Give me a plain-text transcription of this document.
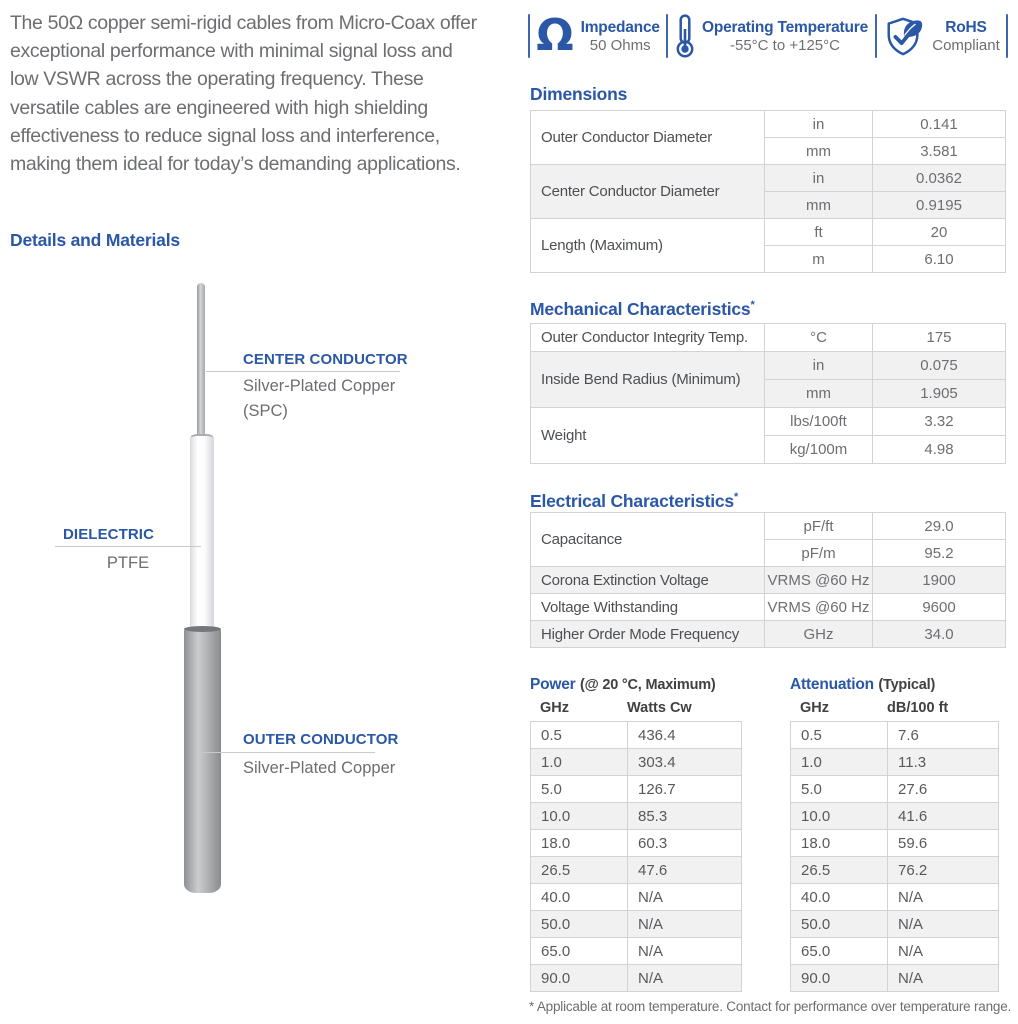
The 50Ω copper semi-rigid cables from Micro-Coax offer exceptional performance with minimal signal loss and low VSWR across the operating frequency. These versatile cables are engineered with high shielding effectiveness to reduce signal loss and interference, making them ideal for today’s demanding applications.

Details and Materials
CENTER CONDUCTOR
Silver-Plated Copper
(SPC)
DIELECTRIC
PTFE
OUTER CONDUCTOR
Silver-Plated Copper
Ω Impedance
50 Ohms
Operating Temperature
-55°C to +125°C
RoHS
Compliant
Dimensions
Outer Conductor Diameter	in	0.141
	mm	3.581
Center Conductor Diameter	in	0.0362
	mm	0.9195
Length (Maximum)	ft	20
	m	6.10
Mechanical Characteristics*
Outer Conductor Integrity Temp.	°C	175
Inside Bend Radius (Minimum)	in	0.075
	mm	1.905
Weight	lbs/100ft	3.32
	kg/100m	4.98
Electrical Characteristics*
Capacitance	pF/ft	29.0
	pF/m	95.2
Corona Extinction Voltage	VRMS @60 Hz	1900
Voltage Withstanding	VRMS @60 Hz	9600
Higher Order Mode Frequency	GHz	34.0
Power (@ 20 °C, Maximum)
GHz	Watts Cw
0.5	436.4
1.0	303.4
5.0	126.7
10.0	85.3
18.0	60.3
26.5	47.6
40.0	N/A
50.0	N/A
65.0	N/A
90.0	N/A
Attenuation (Typical)
GHz	dB/100 ft
0.5	7.6
1.0	11.3
5.0	27.6
10.0	41.6
18.0	59.6
26.5	76.2
40.0	N/A
50.0	N/A
65.0	N/A
90.0	N/A

* Applicable at room temperature. Contact for performance over temperature range.
